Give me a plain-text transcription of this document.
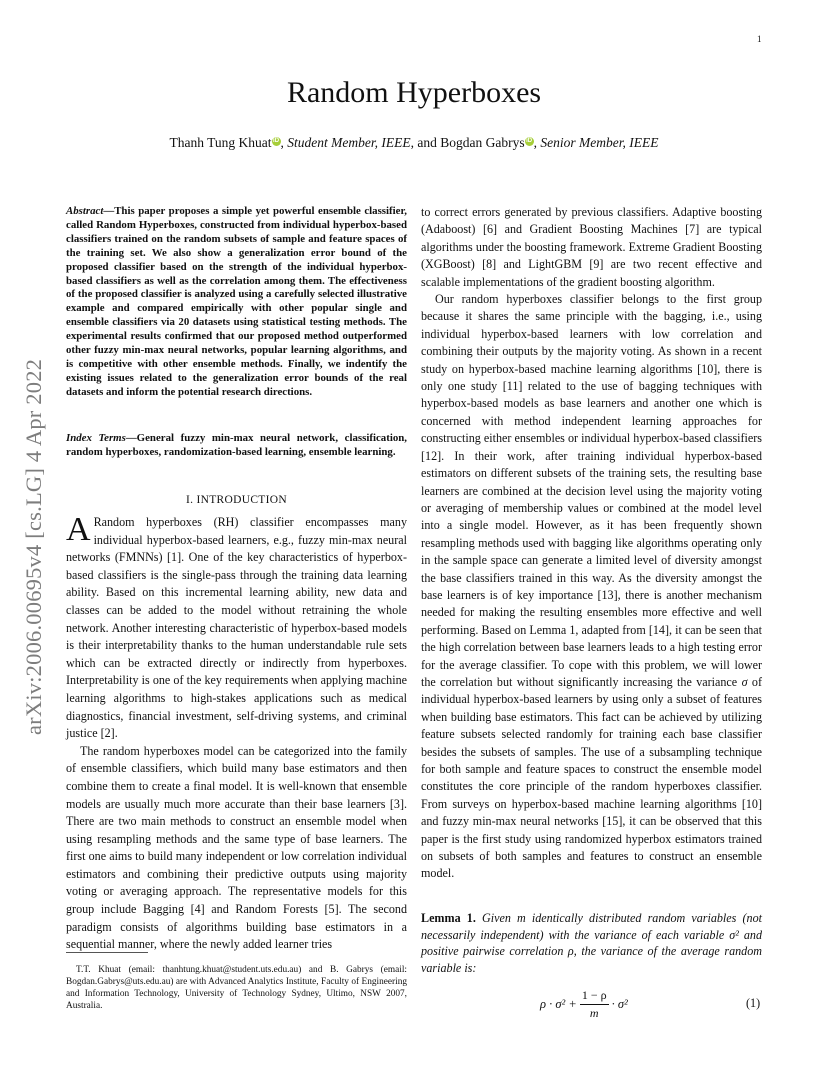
1
arXiv:2006.00695v4 [cs.LG] 4 Apr 2022
Random Hyperboxes
Thanh Tung Khuat iD , Student Member, IEEE, and Bogdan Gabrys iD , Senior Member, IEEE

Abstract—This paper proposes a simple yet powerful ensemble classifier, called Random Hyperboxes, constructed from individual hyperbox-based classifiers trained on the random subsets of sample and feature spaces of the training set. We also show a generalization error bound of the proposed classifier based on the strength of the individual hyperbox-based classifiers as well as the correlation among them. The effectiveness of the proposed classifier is analyzed using a carefully selected illustrative example and compared empirically with other popular single and ensemble classifiers via 20 datasets using statistical testing methods. The experimental results confirmed that our proposed method outperformed other fuzzy min-max neural networks, popular learning algorithms, and is competitive with other ensemble methods. Finally, we indentify the existing issues related to the generalization error bounds of the real datasets and inform the potential research directions.

Index Terms—General fuzzy min-max neural network, classification, random hyperboxes, randomization-based learning, ensemble learning.

I. INTRODUCTION

A Random hyperboxes (RH) classifier encompasses many individual hyperbox-based learners, e.g., fuzzy min-max neural networks (FMNNs) [1]. One of the key characteristics of hyperbox-based classifiers is the single-pass through the training data learning ability. Based on this incremental learning ability, new data and classes can be added to the model without retraining the whole network. Another interesting characteristic of hyperbox-based models is their interpretability thanks to the human understandable rule sets which can be extracted directly or indirectly from hyperboxes. Interpretability is one of the key requirements when applying machine learning algorithms to high-stakes applications such as medical diagnostics, financial investment, self-driving systems, and criminal justice [2].

The random hyperboxes model can be categorized into the family of ensemble classifiers, which build many base estimators and then combine them to create a final model. It is well-known that ensemble models are usually much more accurate than their base learners [3]. There are two main methods to construct an ensemble model when using resampling methods and the same type of base learners. The first one aims to build many independent or low correlation individual estimators and combining their predictive outputs using majority voting or averaging approach. The representative models for this group include Bagging [4] and Random Forests [5]. The second paradigm consists of algorithms building base estimators in a sequential manner, where the newly added learner tries

T.T. Khuat (email: thanhtung.khuat@student.uts.edu.au) and B. Gabrys (email: Bogdan.Gabrys@uts.edu.au) are with Advanced Analytics Institute, Faculty of Engineering and Information Technology, University of Technology Sydney, Ultimo, NSW 2007, Australia.

to correct errors generated by previous classifiers. Adaptive boosting (Adaboost) [6] and Gradient Boosting Machines [7] are typical algorithms under the boosting framework. Extreme Gradient Boosting (XGBoost) [8] and LightGBM [9] are two recent effective and scalable implementations of the gradient boosting algorithm.

Our random hyperboxes classifier belongs to the first group because it shares the same principle with the bagging, i.e., using individual hyperbox-based learners with low correlation and combining their outputs by the majority voting. As shown in a recent study on hyperbox-based machine learning algorithms [10], there is only one study [11] related to the use of bagging techniques with hyperbox-based models as base learners and another one which is concerned with method independent learning approaches for constructing either ensembles or individual hyperbox-based classifiers [12]. In their work, after training individual hyperbox-based estimators on different subsets of the training sets, the resulting base learners are combined at the decision level using the majority voting or averaging of membership values or combined at the model level into a single model. However, as it has been frequently shown resampling methods used with bagging like algorithms operating only in the sample space can generate a limited level of diversity amongst the base classifiers trained in this way. As the diversity amongst the base learners is of key importance [13], there is another mechanism needed for making the resulting ensembles more effective and well performing. Based on Lemma 1, adapted from [14], it can be seen that the high correlation between base learners leads to a high testing error for the average classifier. To cope with this problem, we will lower the correlation but without significantly increasing the variance σ of individual hyperbox-based learners by using only a subset of features when building base estimators. This fact can be achieved by utilizing feature subsets selected randomly for training each base classifier besides the subsets of samples. The use of a subsampling technique for both sample and feature spaces to construct the ensemble model constitutes the core principle of the random hyperboxes classifier. From surveys on hyperbox-based machine learning algorithms [10] and fuzzy min-max neural networks [15], it can be observed that this paper is the first study using randomized hyperbox estimators trained on subsets of both samples and features to construct an ensemble model.

Lemma 1. Given m identically distributed random variables (not necessarily independent) with the variance of each variable σ² and positive pairwise correlation ρ, the variance of the average random variable is:

$\rho \cdot \sigma^2 + \frac{1 - \rho}{m} \cdot \sigma^2$	(1)
